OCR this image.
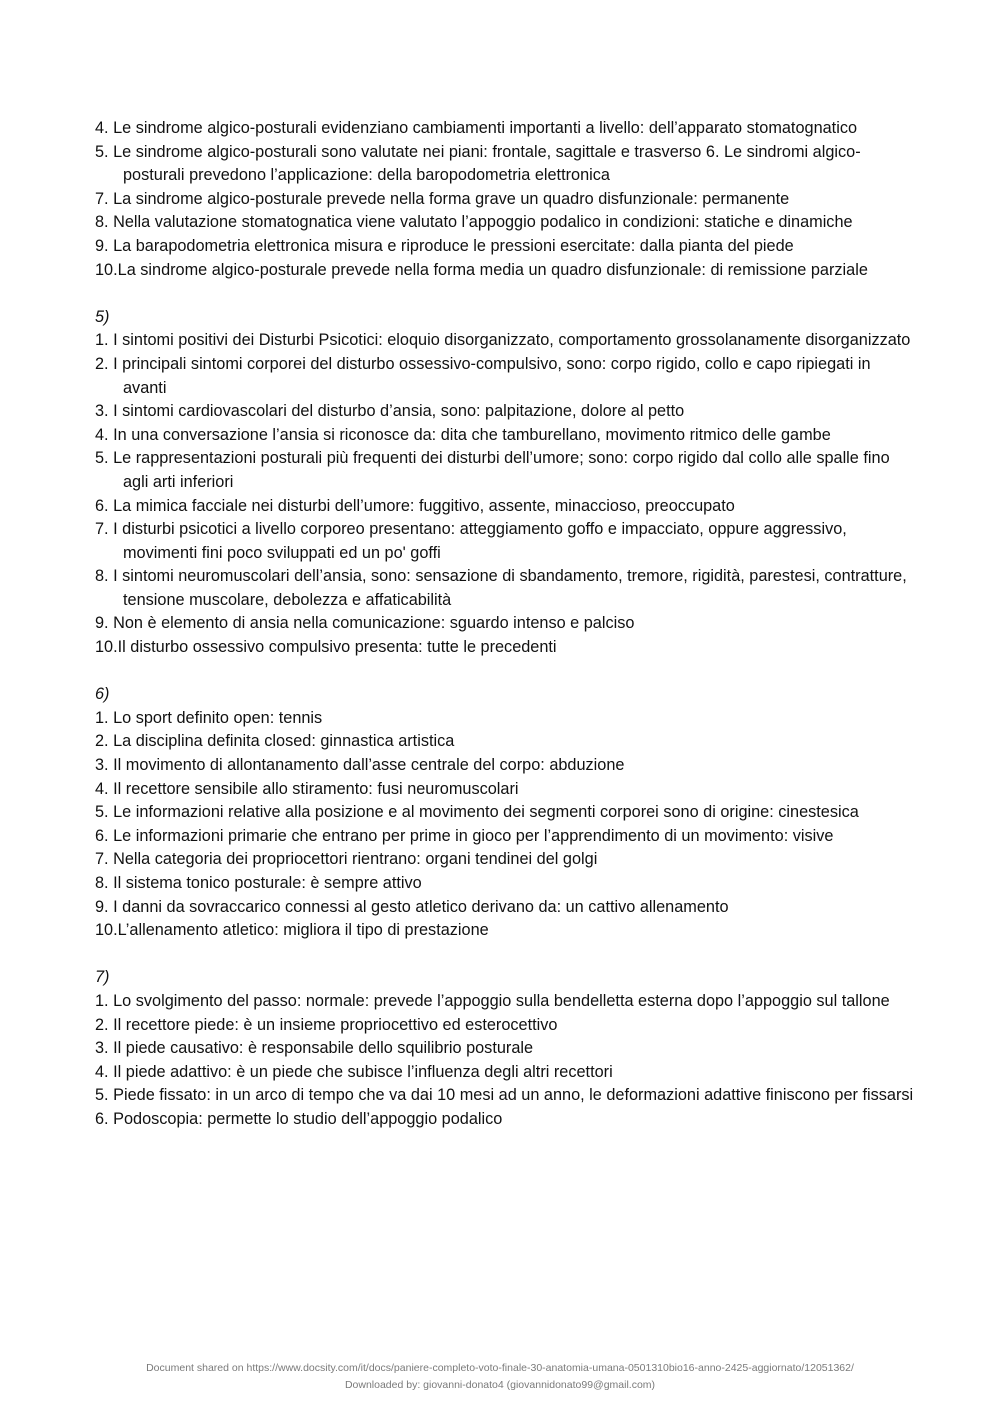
4. Le sindrome algico-posturali evidenziano cambiamenti importanti a livello: dell’apparato stomatognatico
5. Le sindrome algico-posturali sono valutate nei piani: frontale, sagittale e trasverso 6. Le sindromi algico-posturali prevedono l’applicazione: della baropodometria elettronica
7. La sindrome algico-posturale prevede nella forma grave un quadro disfunzionale: permanente
8. Nella valutazione stomatognatica viene valutato l’appoggio podalico in condizioni: statiche e dinamiche
9. La barapodometria elettronica misura e riproduce le pressioni esercitate: dalla pianta del piede
10.La sindrome algico-posturale prevede nella forma media un quadro disfunzionale: di remissione parziale
5)
1. I sintomi positivi dei Disturbi Psicotici: eloquio disorganizzato, comportamento grossolanamente disorganizzato
2. I principali sintomi corporei del disturbo ossessivo-compulsivo, sono: corpo rigido, collo e capo ripiegati in avanti
3. I sintomi cardiovascolari del disturbo d’ansia, sono: palpitazione, dolore al petto
4. In una conversazione l’ansia si riconosce da: dita che tamburellano, movimento ritmico delle gambe
5. Le rappresentazioni posturali più frequenti dei disturbi dell’umore; sono: corpo rigido dal collo alle spalle fino agli arti inferiori
6. La mimica facciale nei disturbi dell’umore: fuggitivo, assente, minaccioso, preoccupato
7. I disturbi psicotici a livello corporeo presentano: atteggiamento goffo e impacciato, oppure aggressivo, movimenti fini poco sviluppati ed un po' goffi
8. I sintomi neuromuscolari dell’ansia, sono: sensazione di sbandamento, tremore, rigidità, parestesi, contratture, tensione muscolare, debolezza e affaticabilità
9. Non è elemento di ansia nella comunicazione: sguardo intenso e palciso
10.Il disturbo ossessivo compulsivo presenta: tutte le precedenti
6)
1. Lo sport definito open: tennis
2. La disciplina definita closed: ginnastica artistica
3. Il movimento di allontanamento dall’asse centrale del corpo: abduzione
4. Il recettore sensibile allo stiramento: fusi neuromuscolari
5. Le informazioni relative alla posizione e al movimento dei segmenti corporei sono di origine: cinestesica
6. Le informazioni primarie che entrano per prime in gioco per l’apprendimento di un movimento: visive
7. Nella categoria dei propriocettori rientrano: organi tendinei del golgi
8. Il sistema tonico posturale: è sempre attivo
9. I danni da sovraccarico connessi al gesto atletico derivano da: un cattivo allenamento
10.L’allenamento atletico: migliora il tipo di prestazione
7)
1. Lo svolgimento del passo: normale: prevede l’appoggio sulla bendelletta esterna dopo l’appoggio sul tallone
2. Il recettore piede: è un insieme propriocettivo ed esterocettivo
3. Il piede causativo: è responsabile dello squilibrio posturale
4. Il piede adattivo: è un piede che subisce l’influenza degli altri recettori
5. Piede fissato: in un arco di tempo che va dai 10 mesi ad un anno, le deformazioni adattive finiscono per fissarsi
6. Podoscopia: permette lo studio dell’appoggio podalico
Document shared on https://www.docsity.com/it/docs/paniere-completo-voto-finale-30-anatomia-umana-0501310bio16-anno-2425-aggiornato/12051362/
Downloaded by: giovanni-donato4 (giovannidonato99@gmail.com)
